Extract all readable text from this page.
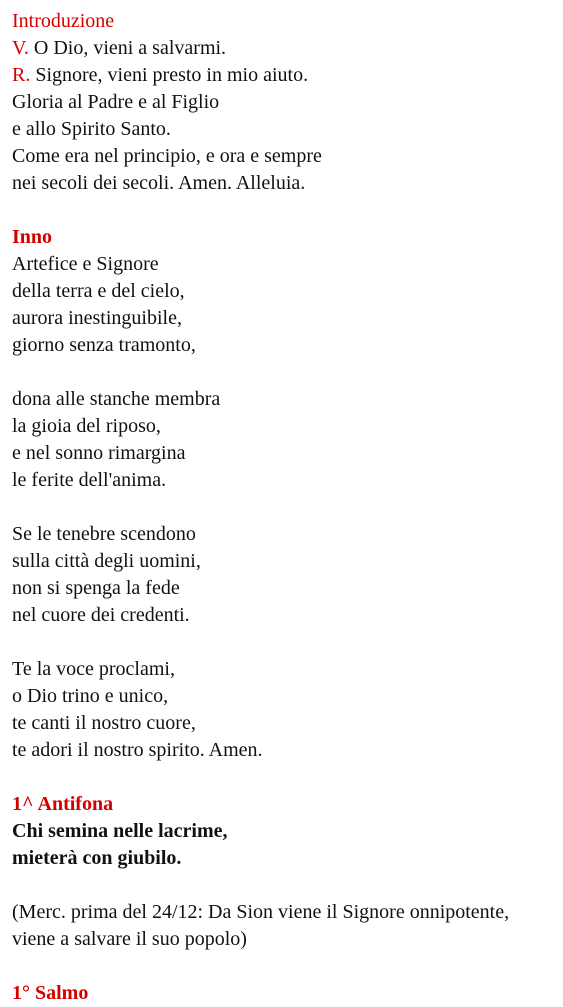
Introduzione
V. O Dio, vieni a salvarmi.
R. Signore, vieni presto in mio aiuto.
Gloria al Padre e al Figlio
e allo Spirito Santo.
Come era nel principio, e ora e sempre
nei secoli dei secoli. Amen. Alleluia.
Inno
Artefice e Signore
della terra e del cielo,
aurora inestinguibile,
giorno senza tramonto,
dona alle stanche membra
la gioia del riposo,
e nel sonno rimargina
le ferite dell'anima.
Se le tenebre scendono
sulla città degli uomini,
non si spenga la fede
nel cuore dei credenti.
Te la voce proclami,
o Dio trino e unico,
te canti il nostro cuore,
te adori il nostro spirito. Amen.
1^ Antifona
Chi semina nelle lacrime,
mieterà con giubilo.
(Merc. prima del 24/12: Da Sion viene il Signore onnipotente,
viene a salvare il suo popolo)
1° Salmo
